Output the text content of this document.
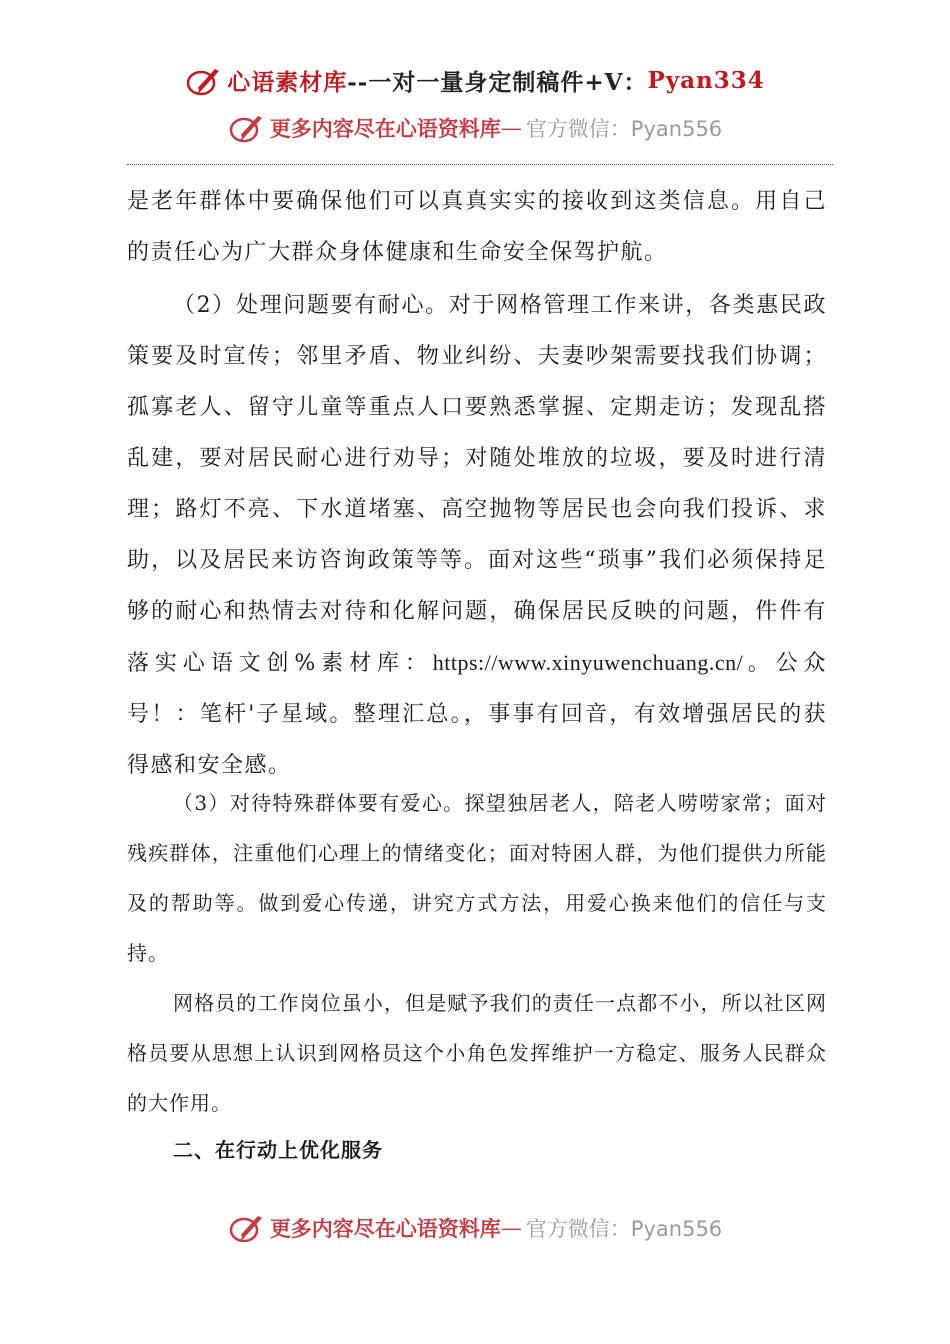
心语素材库 --一对一量身定制稿件+V： Pyan334
更多内容尽在心语资料库 — 官方微信：Pyan556

是老年群体中要确保他们可以真真实实的接收到这类信息。用自己的责任心为广大群众身体健康和生命安全保驾护航。

（2）处理问题要有耐心。对于网格管理工作来讲，各类惠民政策要及时宣传；邻里矛盾、物业纠纷、夫妻吵架需要找我们协调；孤寡老人、留守儿童等重点人口要熟悉掌握、定期走访；发现乱搭乱建，要对居民耐心进行劝导；对随处堆放的垃圾，要及时进行清理；路灯不亮、下水道堵塞、高空抛物等居民也会向我们投诉、求助，以及居民来访咨询政策等等。面对这些“琐事”我们必须保持足够的耐心和热情去对待和化解问题，确保居民反映的问题，件件有落实心语文创%素材库：https://www.xinyuwenchuang.cn/。公众号！：笔杆'子星域。整理汇总。，事事有回音，有效增强居民的获得感和安全感。

（3）对待特殊群体要有爱心。探望独居老人，陪老人唠唠家常；面对残疾群体，注重他们心理上的情绪变化；面对特困人群，为他们提供力所能及的帮助等。做到爱心传递，讲究方式方法，用爱心换来他们的信任与支持。

网格员的工作岗位虽小，但是赋予我们的责任一点都不小，所以社区网格员要从思想上认识到网格员这个小角色发挥维护一方稳定、服务人民群众的大作用。

二、在行动上优化服务

更多内容尽在心语资料库 — 官方微信：Pyan556
